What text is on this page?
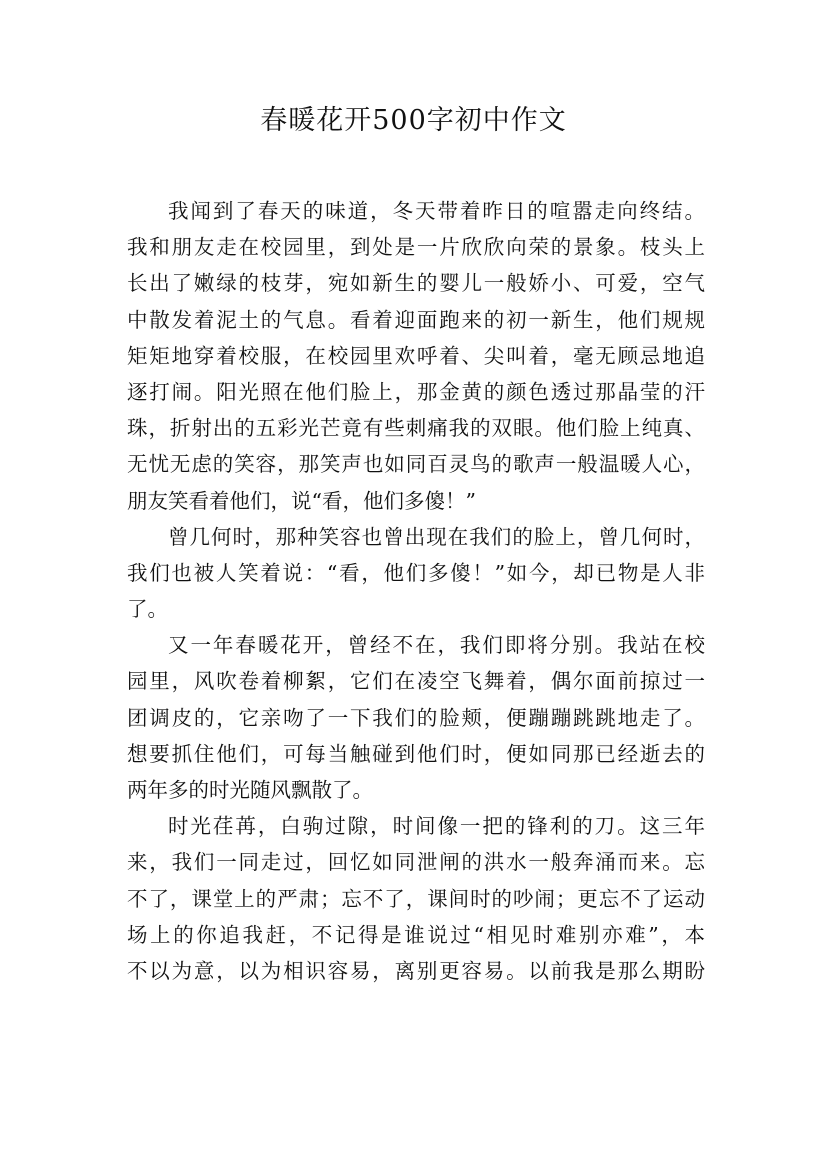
春暖花开500字初中作文
我闻到了春天的味道，冬天带着昨日的喧嚣走向终结。
我和朋友走在校园里，到处是一片欣欣向荣的景象。枝头上
长出了嫩绿的枝芽，宛如新生的婴儿一般娇小、可爱，空气
中散发着泥土的气息。看着迎面跑来的初一新生，他们规规
矩矩地穿着校服，在校园里欢呼着、尖叫着，毫无顾忌地追
逐打闹。阳光照在他们脸上，那金黄的颜色透过那晶莹的汗
珠，折射出的五彩光芒竟有些刺痛我的双眼。他们脸上纯真、
无忧无虑的笑容，那笑声也如同百灵鸟的歌声一般温暖人心，
朋友笑看着他们，说“看，他们多傻！”
曾几何时，那种笑容也曾出现在我们的脸上，曾几何时，
我们也被人笑着说：“看，他们多傻！”如今，却已物是人非
了。
又一年春暖花开，曾经不在，我们即将分别。我站在校
园里，风吹卷着柳絮，它们在凌空飞舞着，偶尔面前掠过一
团调皮的，它亲吻了一下我们的脸颊，便蹦蹦跳跳地走了。
想要抓住他们，可每当触碰到他们时，便如同那已经逝去的
两年多的时光随风飘散了。
时光荏苒，白驹过隙，时间像一把的锋利的刀。这三年
来，我们一同走过，回忆如同泄闸的洪水一般奔涌而来。忘
不了，课堂上的严肃；忘不了，课间时的吵闹；更忘不了运动
场上的你追我赶，不记得是谁说过“相见时难别亦难”，本
不以为意，以为相识容易，离别更容易。以前我是那么期盼
